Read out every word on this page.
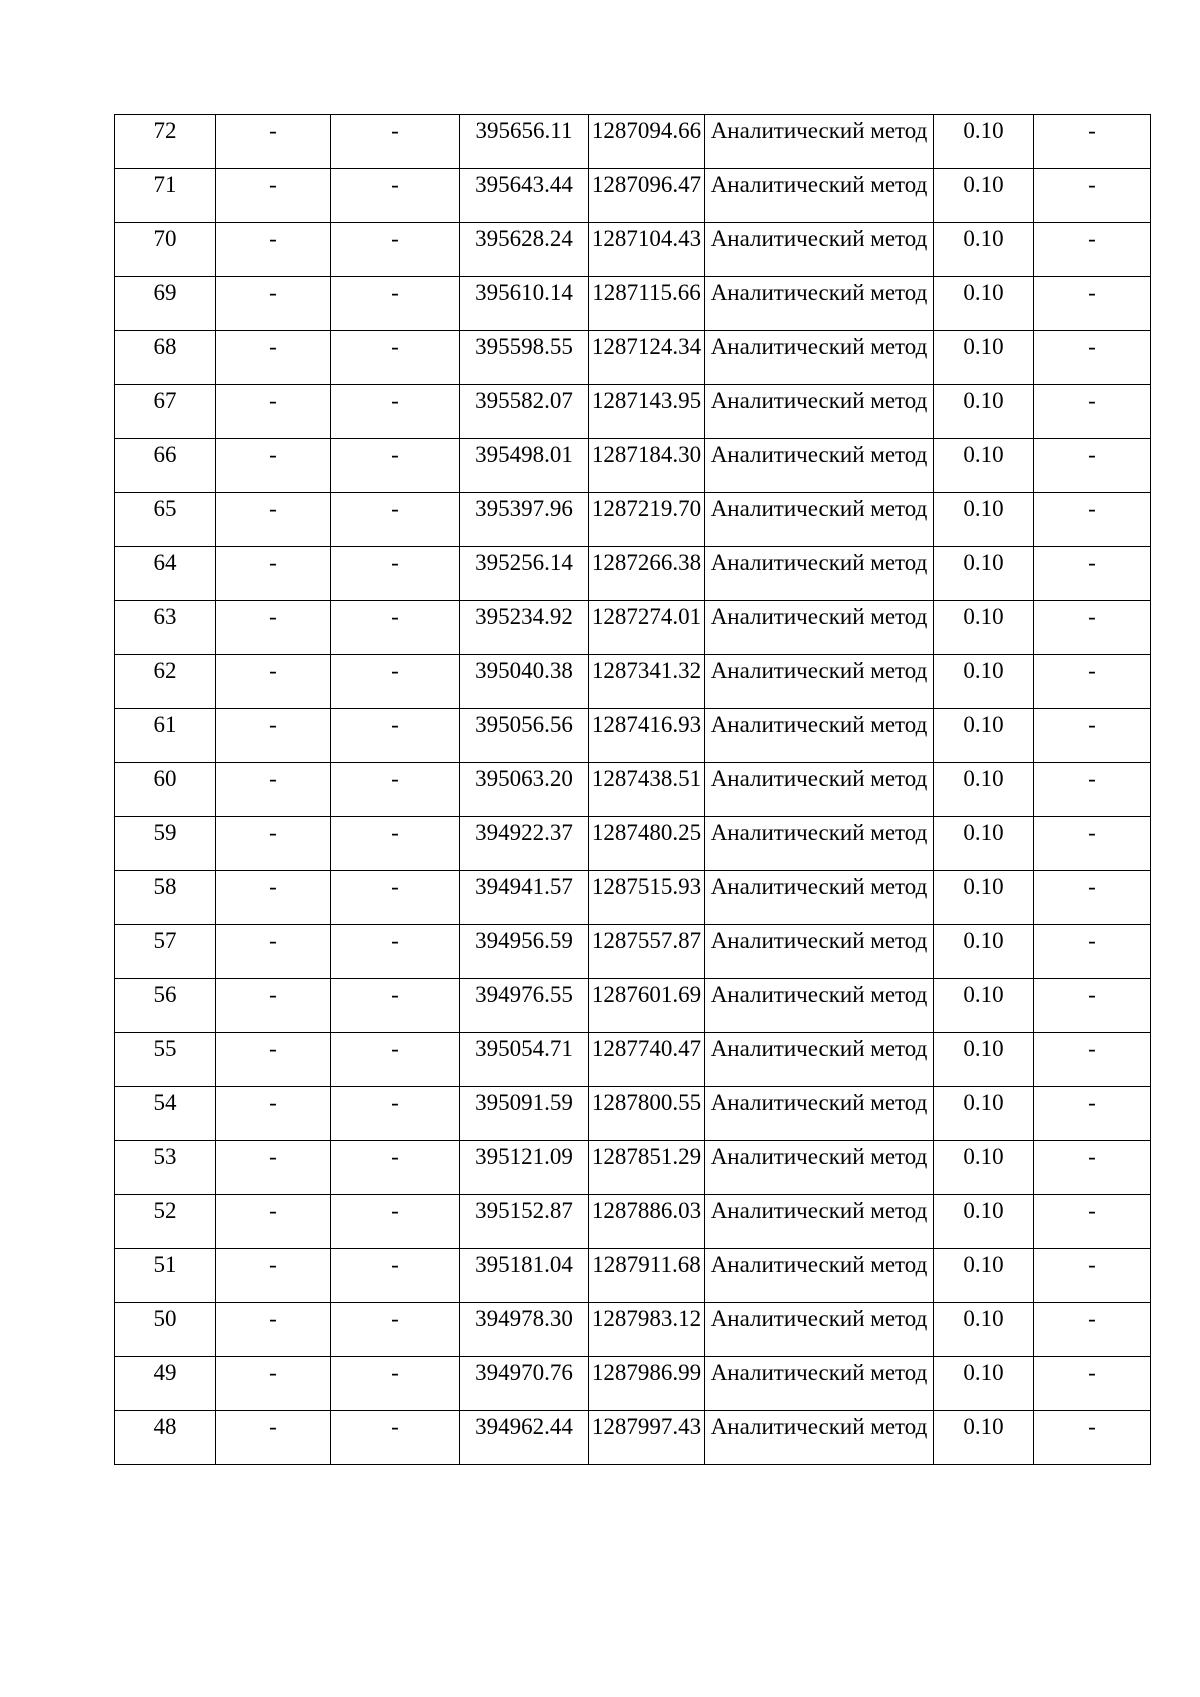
72	-	-	395656.11	1287094.66	Аналитический метод	0.10	-
71	-	-	395643.44	1287096.47	Аналитический метод	0.10	-
70	-	-	395628.24	1287104.43	Аналитический метод	0.10	-
69	-	-	395610.14	1287115.66	Аналитический метод	0.10	-
68	-	-	395598.55	1287124.34	Аналитический метод	0.10	-
67	-	-	395582.07	1287143.95	Аналитический метод	0.10	-
66	-	-	395498.01	1287184.30	Аналитический метод	0.10	-
65	-	-	395397.96	1287219.70	Аналитический метод	0.10	-
64	-	-	395256.14	1287266.38	Аналитический метод	0.10	-
63	-	-	395234.92	1287274.01	Аналитический метод	0.10	-
62	-	-	395040.38	1287341.32	Аналитический метод	0.10	-
61	-	-	395056.56	1287416.93	Аналитический метод	0.10	-
60	-	-	395063.20	1287438.51	Аналитический метод	0.10	-
59	-	-	394922.37	1287480.25	Аналитический метод	0.10	-
58	-	-	394941.57	1287515.93	Аналитический метод	0.10	-
57	-	-	394956.59	1287557.87	Аналитический метод	0.10	-
56	-	-	394976.55	1287601.69	Аналитический метод	0.10	-
55	-	-	395054.71	1287740.47	Аналитический метод	0.10	-
54	-	-	395091.59	1287800.55	Аналитический метод	0.10	-
53	-	-	395121.09	1287851.29	Аналитический метод	0.10	-
52	-	-	395152.87	1287886.03	Аналитический метод	0.10	-
51	-	-	395181.04	1287911.68	Аналитический метод	0.10	-
50	-	-	394978.30	1287983.12	Аналитический метод	0.10	-
49	-	-	394970.76	1287986.99	Аналитический метод	0.10	-
48	-	-	394962.44	1287997.43	Аналитический метод	0.10	-
